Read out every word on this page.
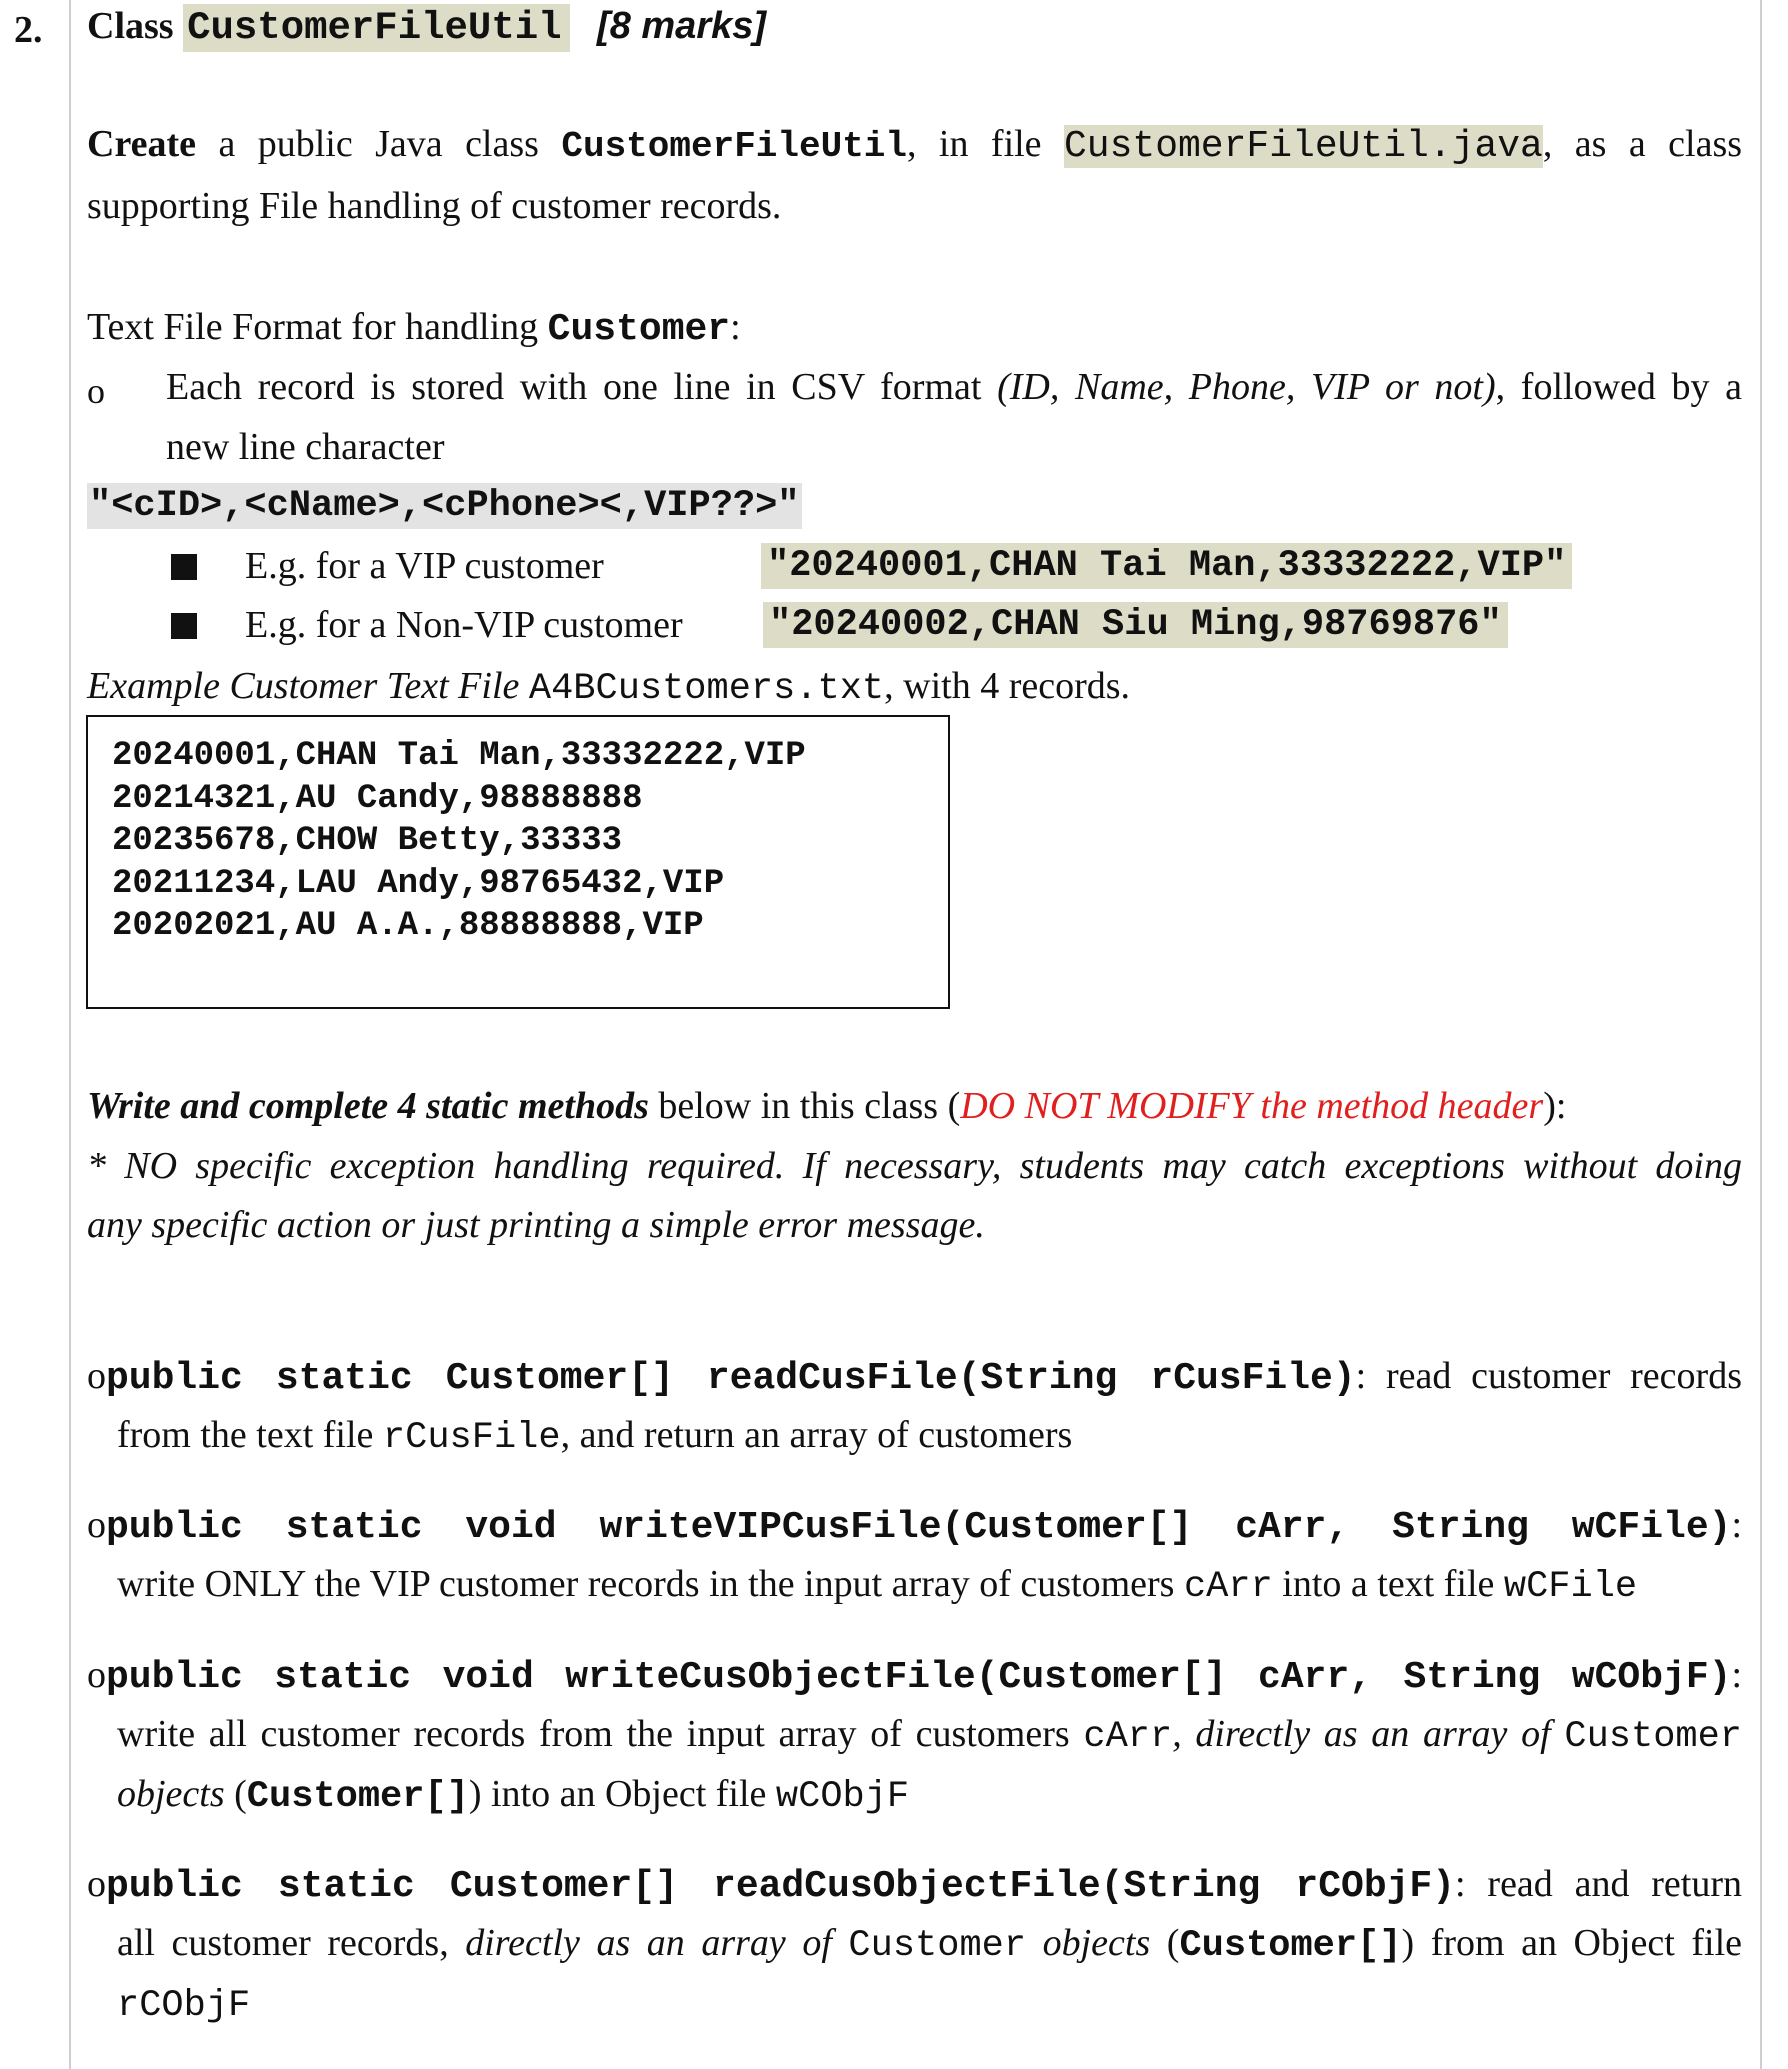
2. Class CustomerFileUtil [8 marks]
Create a public Java class CustomerFileUtil, in file CustomerFileUtil.java, as a class
supporting File handling of customer records.
Text File Format for handling Customer:
o Each record is stored with one line in CSV format (ID, Name, Phone, VIP or not), followed by a
new line character
"<cID>,<cName>,<cPhone><,VIP??>"
E.g. for a VIP customer	"20240001,CHAN Tai Man,33332222,VIP"
E.g. for a Non-VIP customer "20240002,CHAN Siu Ming,98769876"
Example Customer Text File A4BCustomers.txt, with 4 records.
20240001,CHAN Tai Man,33332222,VIP
20214321,AU Candy,98888888
20235678,CHOW Betty,33333
20211234,LAU Andy,98765432,VIP
20202021,AU A.A.,88888888,VIP
Write and complete 4 static methods below in this class (DO NOT MODIFY the method header):
* NO specific exception handling required. If necessary, students may catch exceptions without doing
any specific action or just printing a simple error message.
opublic static Customer[] readCusFile(String rCusFile): read customer records
from the text file rCusFile, and return an array of customers
opublic static void writeVIPCusFile(Customer[] cArr, String wCFile):
write ONLY the VIP customer records in the input array of customers cArr into a text file wCFile
opublic static void writeCusObjectFile(Customer[] cArr, String wCObjF):
write all customer records from the input array of customers cArr, directly as an array of Customer
objects (Customer[]) into an Object file wCObjF
opublic static Customer[] readCusObjectFile(String rCObjF): read and return
all customer records, directly as an array of Customer objects (Customer[]) from an Object file
rCObjF
